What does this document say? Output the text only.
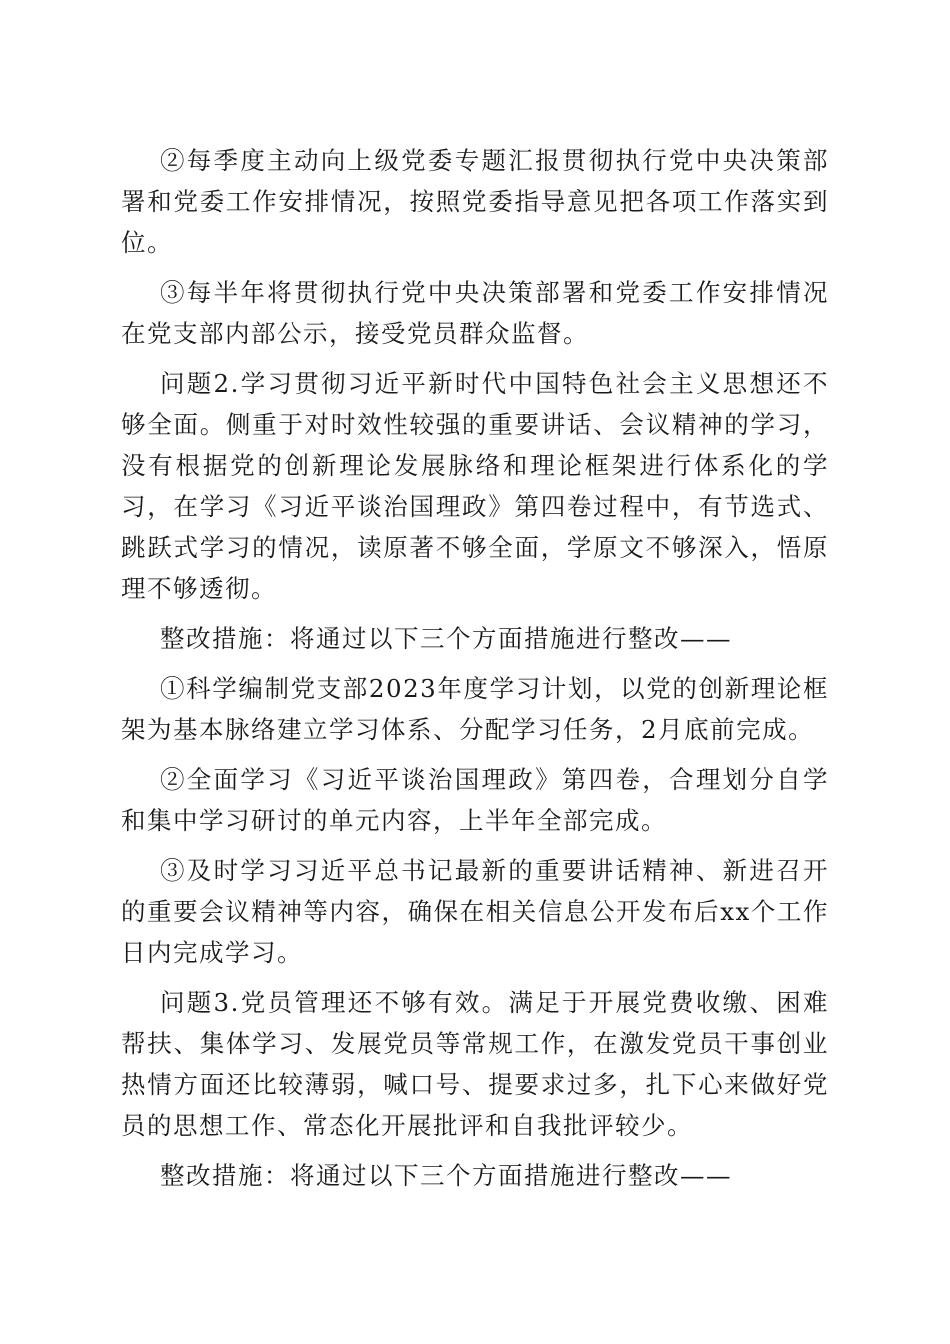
②每季度主动向上级党委专题汇报贯彻执行党中央决策部署和党委工作安排情况，按照党委指导意见把各项工作落实到位。

③每半年将贯彻执行党中央决策部署和党委工作安排情况在党支部内部公示，接受党员群众监督。

问题2.学习贯彻习近平新时代中国特色社会主义思想还不够全面。侧重于对时效性较强的重要讲话、会议精神的学习，没有根据党的创新理论发展脉络和理论框架进行体系化的学习，在学习《习近平谈治国理政》第四卷过程中，有节选式、跳跃式学习的情况，读原著不够全面，学原文不够深入，悟原理不够透彻。

整改措施：将通过以下三个方面措施进行整改——

①科学编制党支部2023年度学习计划，以党的创新理论框架为基本脉络建立学习体系、分配学习任务，2月底前完成。

②全面学习《习近平谈治国理政》第四卷，合理划分自学和集中学习研讨的单元内容，上半年全部完成。

③及时学习习近平总书记最新的重要讲话精神、新进召开的重要会议精神等内容，确保在相关信息公开发布后xx个工作日内完成学习。

问题3.党员管理还不够有效。满足于开展党费收缴、困难帮扶、集体学习、发展党员等常规工作，在激发党员干事创业热情方面还比较薄弱，喊口号、提要求过多，扎下心来做好党员的思想工作、常态化开展批评和自我批评较少。

整改措施：将通过以下三个方面措施进行整改——
